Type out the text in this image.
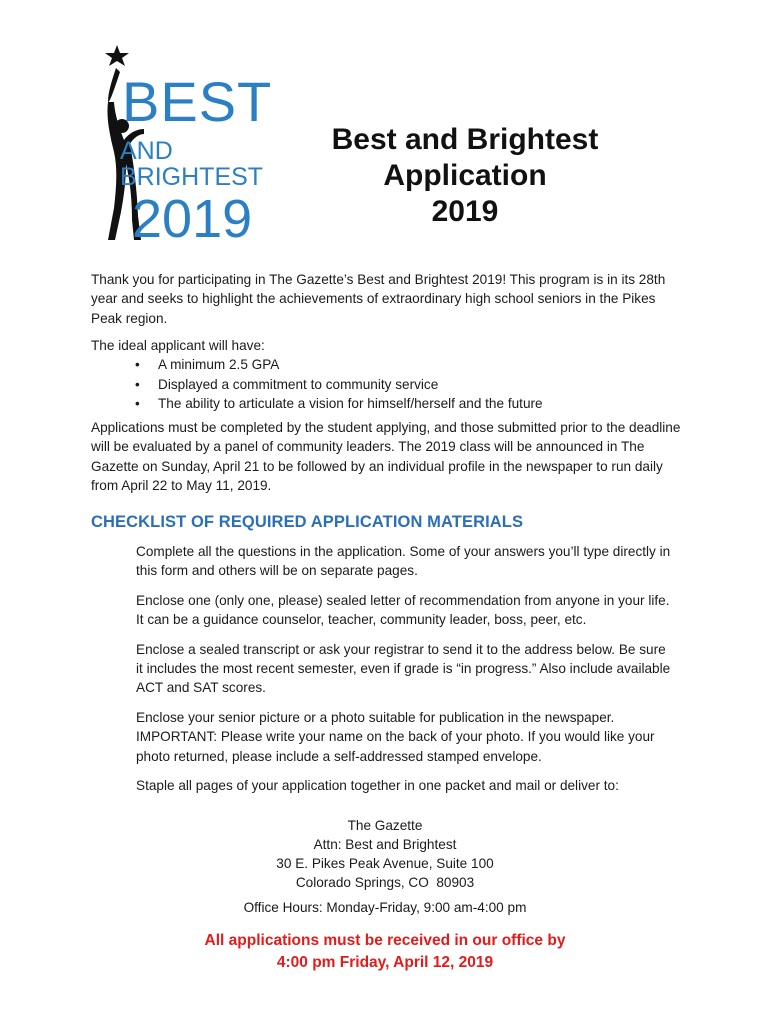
BEST
AND
BRIGHTEST
2019
Best and Brightest
Application
2019
Thank you for participating in The Gazette’s Best and Brightest 2019! This program is in its 28th year and seeks to highlight the achievements of extraordinary high school seniors in the Pikes Peak region.
The ideal applicant will have:
• A minimum 2.5 GPA
• Displayed a commitment to community service
• The ability to articulate a vision for himself/herself and the future
Applications must be completed by the student applying, and those submitted prior to the deadline will be evaluated by a panel of community leaders. The 2019 class will be announced in The Gazette on Sunday, April 21 to be followed by an individual profile in the newspaper to run daily from April 22 to May 11, 2019.
CHECKLIST OF REQUIRED APPLICATION MATERIALS

Complete all the questions in the application. Some of your answers you’ll type directly in this form and others will be on separate pages.

Enclose one (only one, please) sealed letter of recommendation from anyone in your life. It can be a guidance counselor, teacher, community leader, boss, peer, etc.

Enclose a sealed transcript or ask your registrar to send it to the address below. Be sure it includes the most recent semester, even if grade is “in progress.” Also include available ACT and SAT scores.

Enclose your senior picture or a photo suitable for publication in the newspaper. IMPORTANT: Please write your name on the back of your photo. If you would like your photo returned, please include a self-addressed stamped envelope.

Staple all pages of your application together in one packet and mail or deliver to:

The Gazette
Attn: Best and Brightest
30 E. Pikes Peak Avenue, Suite 100
Colorado Springs, CO  80903
Office Hours: Monday-Friday, 9:00 am-4:00 pm
All applications must be received in our office by
4:00 pm Friday, April 12, 2019
